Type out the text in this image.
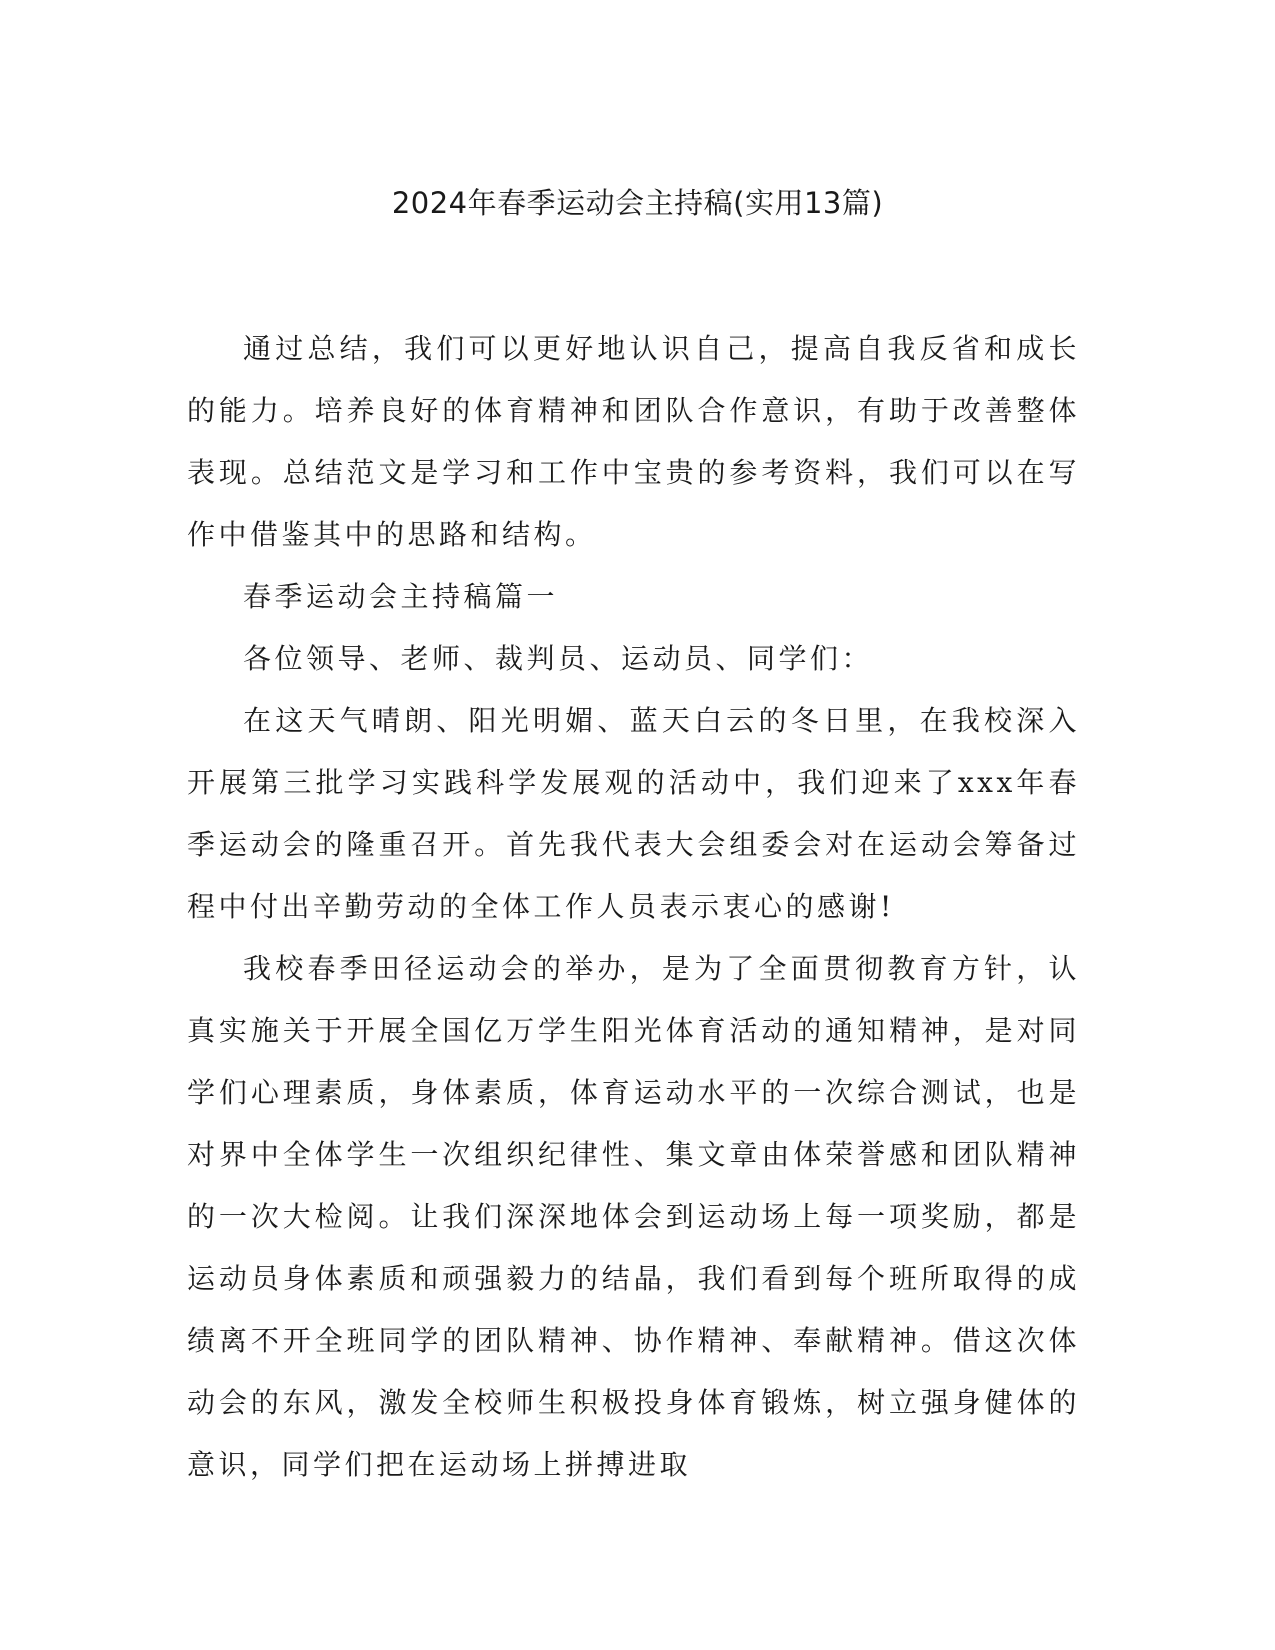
2024年春季运动会主持稿(实用13篇)

通过总结，我们可以更好地认识自己，提高自我反省和成长的能力。培养良好的体育精神和团队合作意识，有助于改善整体表现。总结范文是学习和工作中宝贵的参考资料，我们可以在写作中借鉴其中的思路和结构。

春季运动会主持稿篇一

各位领导、老师、裁判员、运动员、同学们：

在这天气晴朗、阳光明媚、蓝天白云的冬日里，在我校深入开展第三批学习实践科学发展观的活动中，我们迎来了xxx年春季运动会的隆重召开。首先我代表大会组委会对在运动会筹备过程中付出辛勤劳动的全体工作人员表示衷心的感谢!

我校春季田径运动会的举办，是为了全面贯彻教育方针，认真实施关于开展全国亿万学生阳光体育活动的通知精神，是对同学们心理素质，身体素质，体育运动水平的一次综合测试，也是对界中全体学生一次组织纪律性、集文章由体荣誉感和团队精神的一次大检阅。让我们深深地体会到运动场上每一项奖励，都是运动员身体素质和顽强毅力的结晶，我们看到每个班所取得的成绩离不开全班同学的团队精神、协作精神、奉献精神。借这次体动会的东风，激发全校师生积极投身体育锻炼，树立强身健体的意识，同学们把在运动场上拼搏进取
